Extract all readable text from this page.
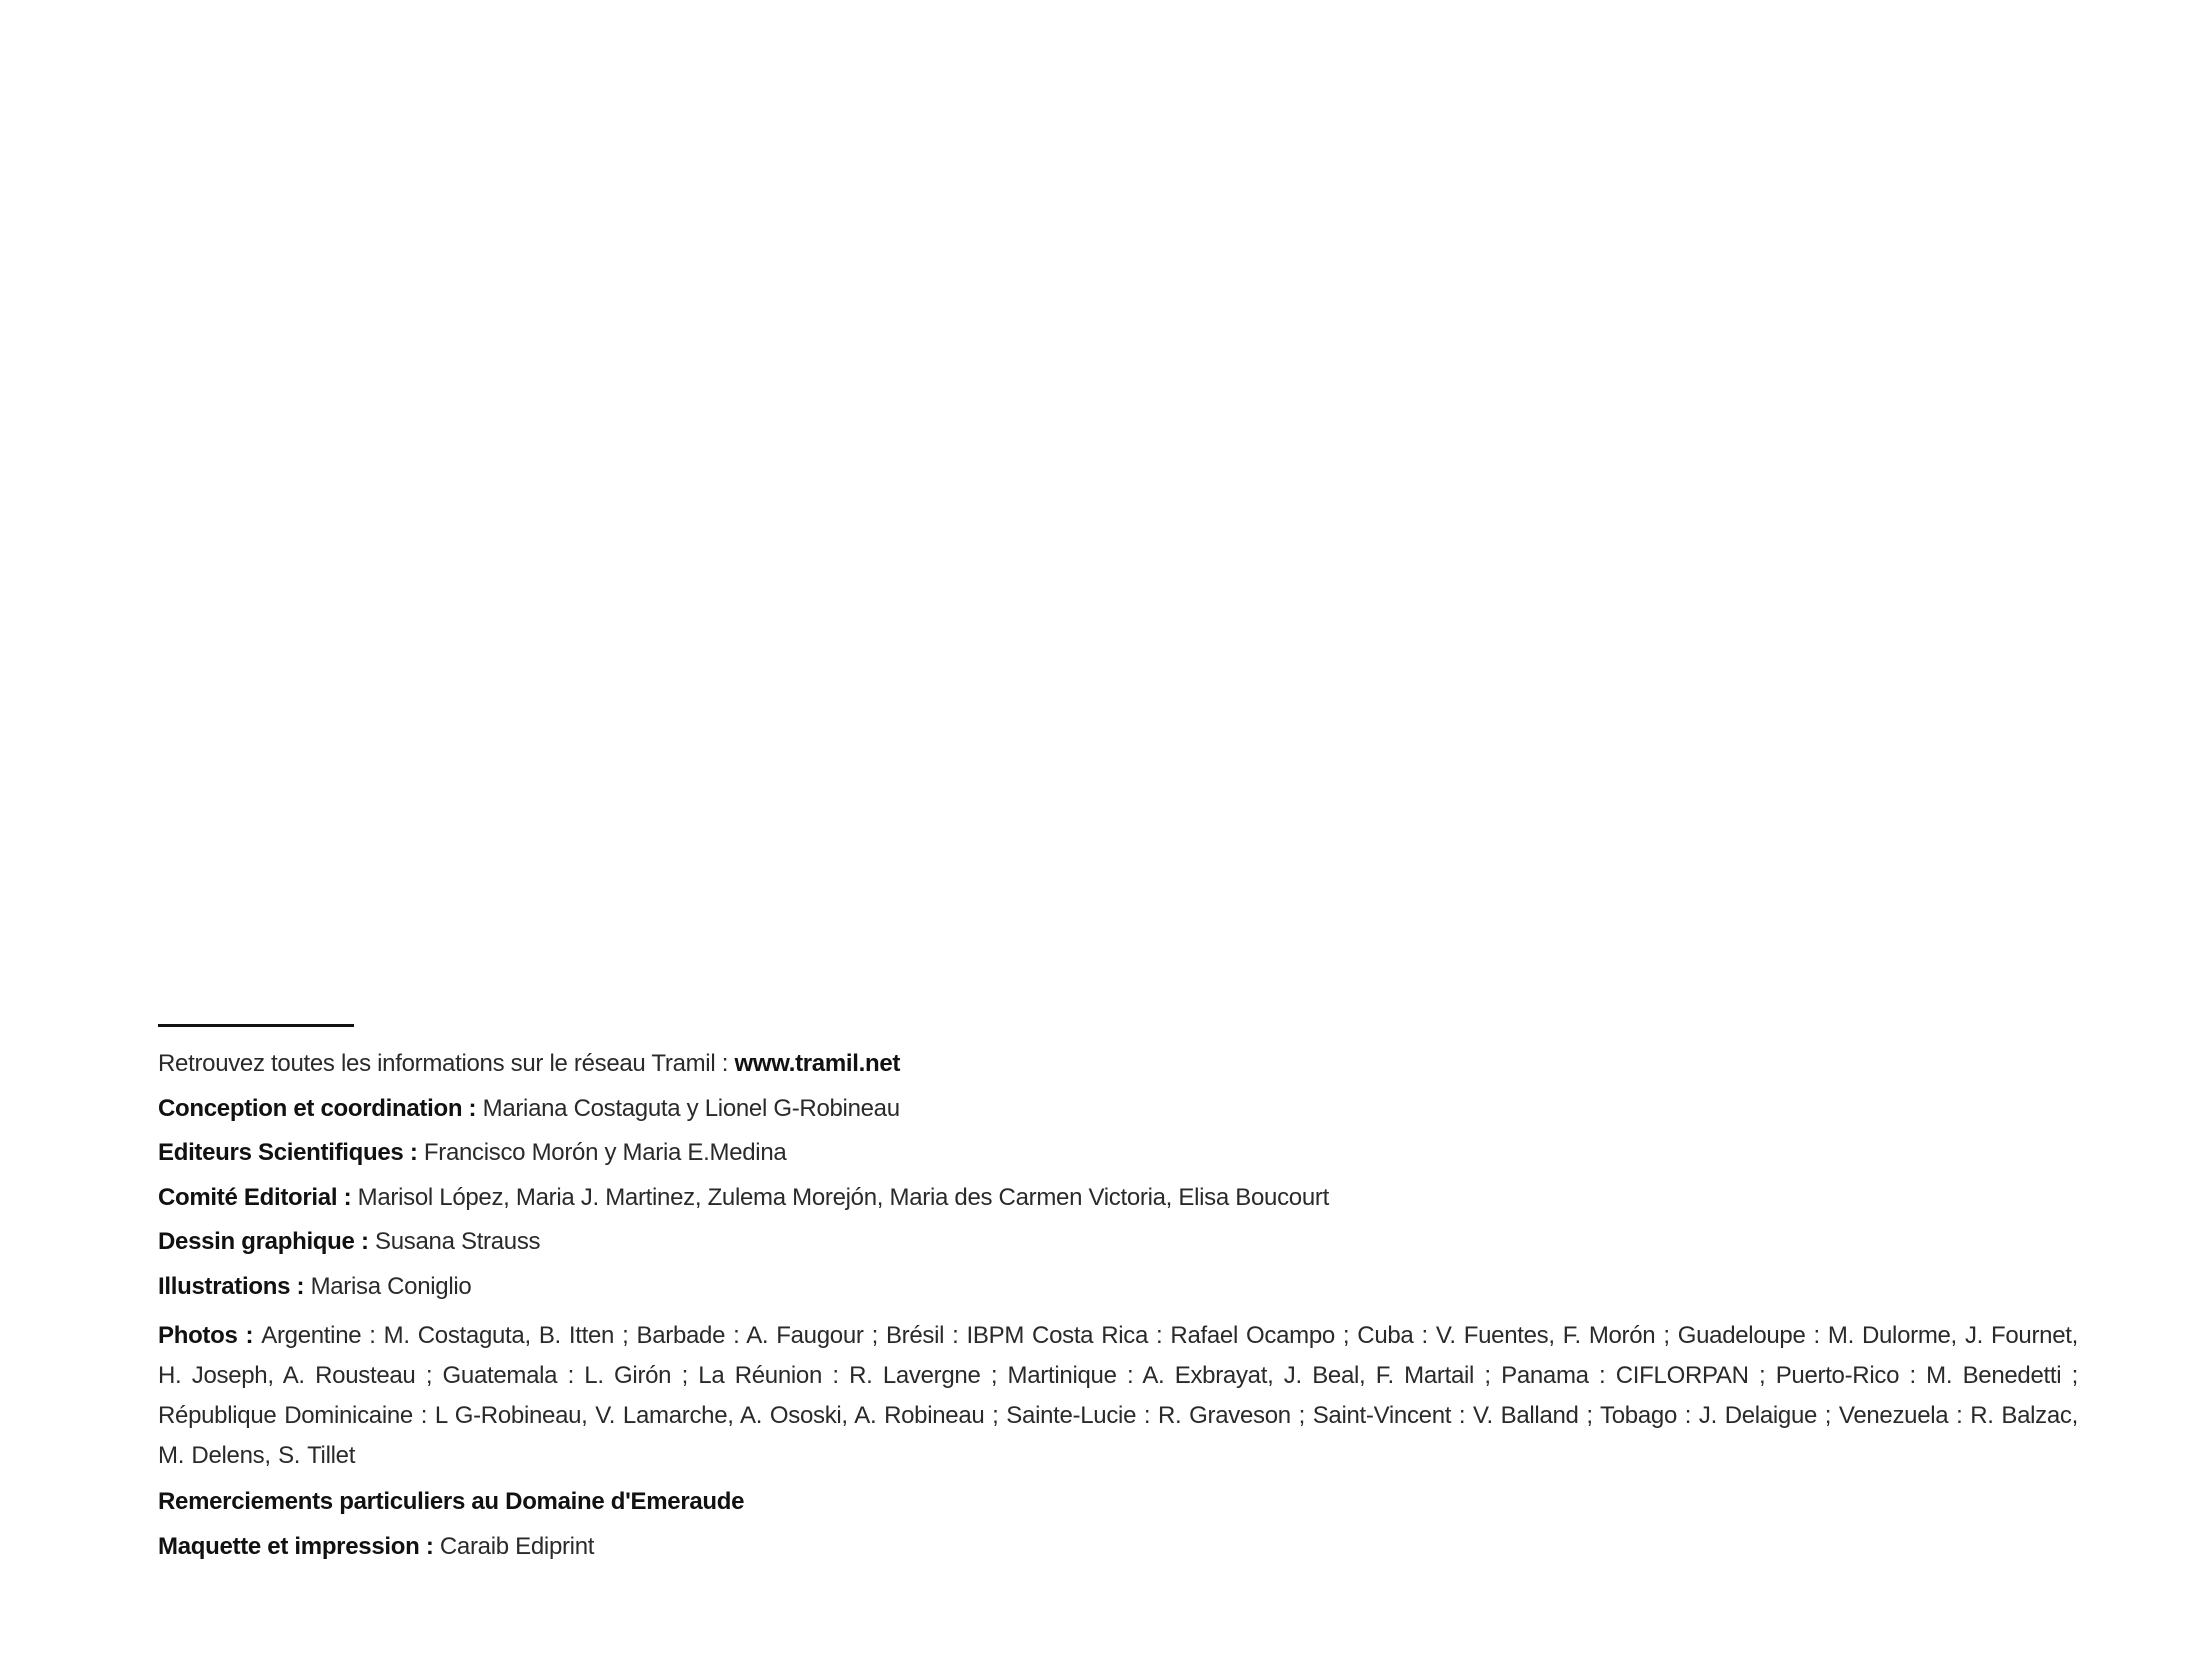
Retrouvez toutes les informations sur le réseau Tramil : www.tramil.net

Conception et coordination : Mariana Costaguta y Lionel G-Robineau

Editeurs Scientifiques : Francisco Morón y Maria E.Medina

Comité Editorial : Marisol López, Maria J. Martinez, Zulema Morejón, Maria des Carmen Victoria, Elisa Boucourt

Dessin graphique : Susana Strauss

Illustrations : Marisa Coniglio

Photos : Argentine : M. Costaguta, B. Itten ; Barbade : A. Faugour ; Brésil : IBPM Costa Rica : Rafael Ocampo ; Cuba : V. Fuentes, F. Morón ; Guadeloupe : M. Dulorme, J. Fournet, H. Joseph, A. Rousteau ; Guatemala : L. Girón ; La Réunion : R. Lavergne ; Martinique : A. Exbrayat, J. Beal, F. Martail ; Panama : CIFLORPAN ; Puerto-Rico : M. Benedetti ; République Dominicaine : L G-Robineau, V. Lamarche, A. Ososki, A. Robineau ; Sainte-Lucie : R. Graveson ; Saint-Vincent : V. Balland ; Tobago : J. Delaigue ; Venezuela : R. Balzac, M. Delens, S. Tillet

Remerciements particuliers au Domaine d'Emeraude

Maquette et impression : Caraib Ediprint
